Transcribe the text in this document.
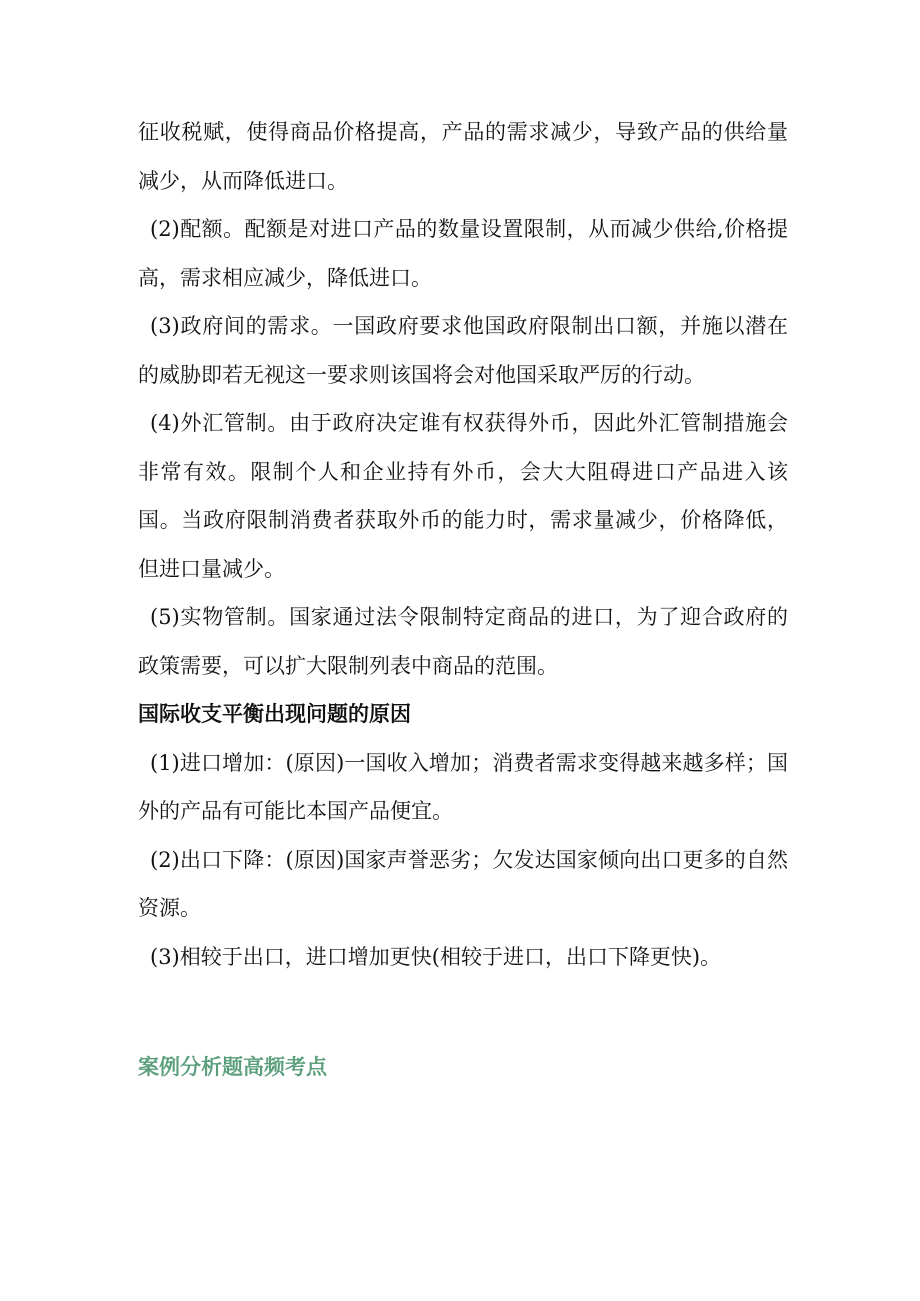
征收税赋，使得商品价格提高，产品的需求减少，导致产品的供给量减少，从而降低进口。

(2)配额。配额是对进口产品的数量设置限制，从而减少供给,价格提高，需求相应减少，降低进口。

(3)政府间的需求。一国政府要求他国政府限制出口额，并施以潜在的威胁即若无视这一要求则该国将会对他国采取严厉的行动。

(4)外汇管制。由于政府决定谁有权获得外币，因此外汇管制措施会非常有效。限制个人和企业持有外币，会大大阻碍进口产品进入该国。当政府限制消费者获取外币的能力时，需求量减少，价格降低，但进口量减少。

(5)实物管制。国家通过法令限制特定商品的进口，为了迎合政府的政策需要，可以扩大限制列表中商品的范围。

国际收支平衡出现问题的原因

(1)进口增加：(原因)一国收入增加；消费者需求变得越来越多样；国外的产品有可能比本国产品便宜。

(2)出口下降：(原因)国家声誉恶劣；欠发达国家倾向出口更多的自然资源。

(3)相较于出口，进口增加更快(相较于进口，出口下降更快)。

案例分析题高频考点
